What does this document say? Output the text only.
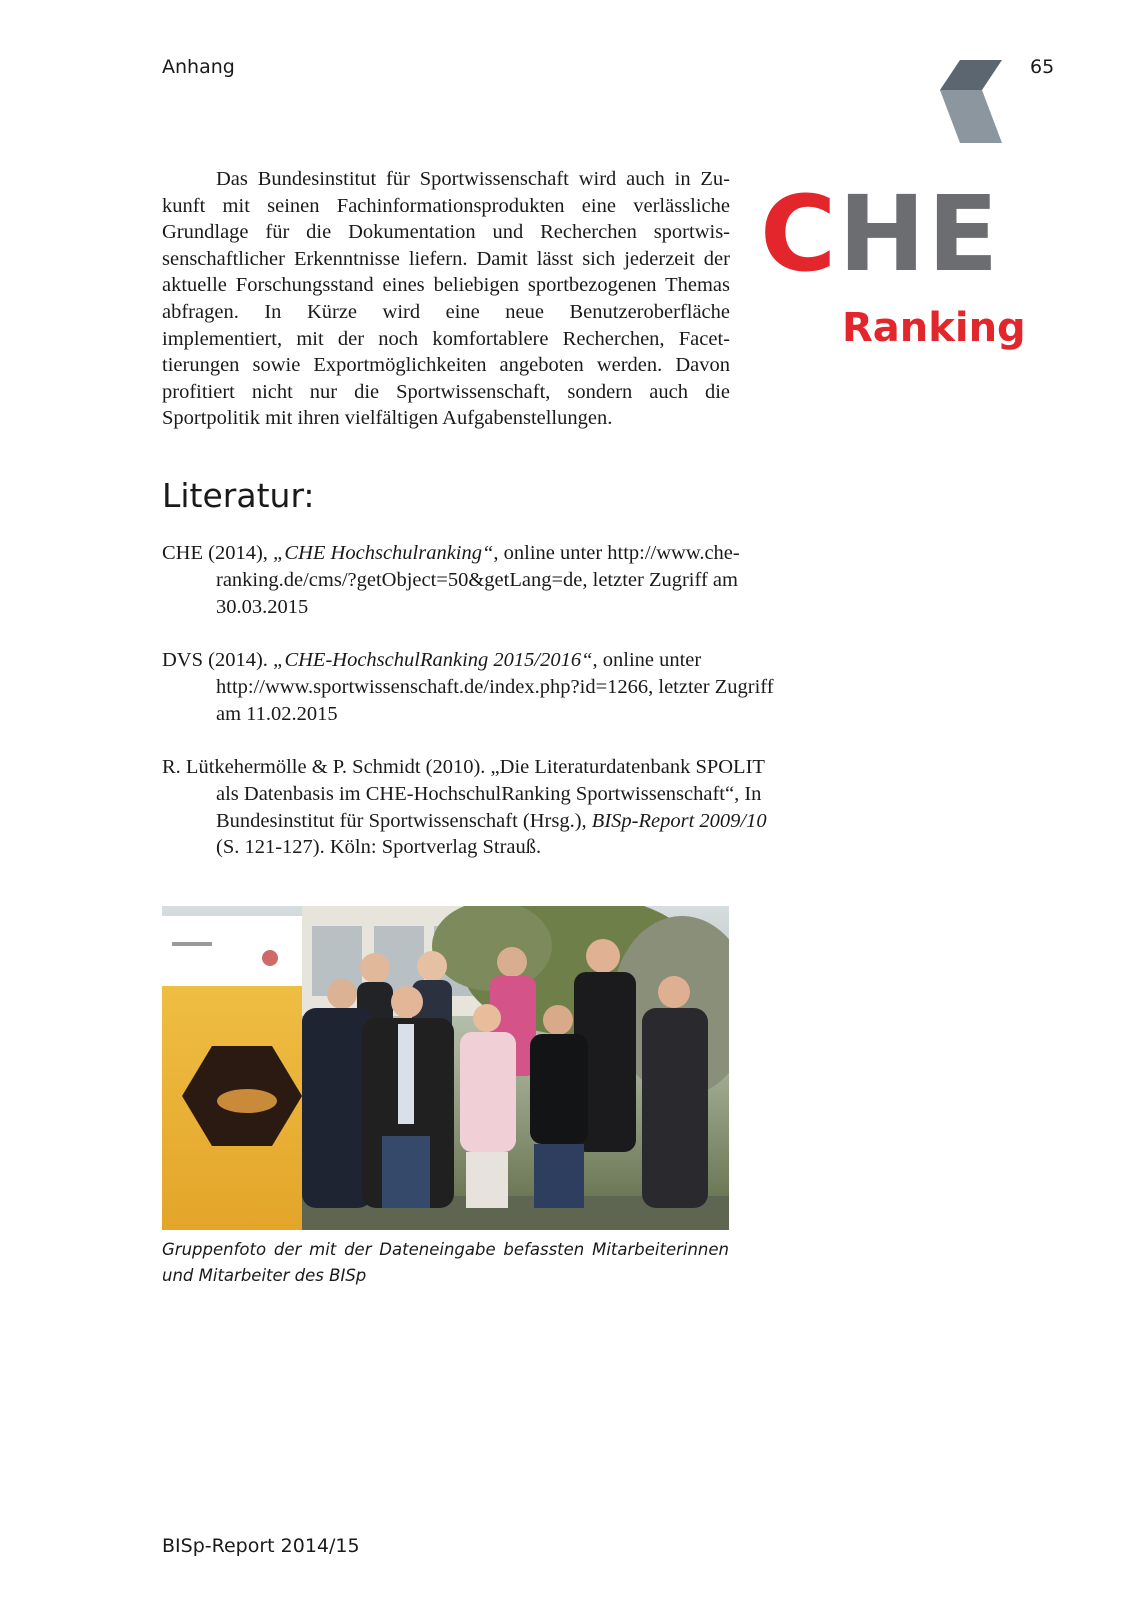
Anhang	65
CHE
Ranking

Das Bundesinstitut für Sportwissenschaft wird auch in Zukunft mit seinen Fachinformationsprodukten eine verlässliche Grundlage für die Dokumentation und Recherchen sportwissenschaftlicher Erkenntnisse liefern. Damit lässt sich jederzeit der aktuelle Forschungsstand eines beliebigen sportbezogenen Themas abfragen. In Kürze wird eine neue Benutzeroberfläche implementiert, mit der noch komfortablere Recherchen, Facettierungen sowie Exportmöglichkeiten angeboten werden. Davon profitiert nicht nur die Sportwissenschaft, sondern auch die Sportpolitik mit ihren vielfältigen Aufgabenstellungen.

Literatur:

CHE (2014), „CHE Hochschulranking“, online unter http://www.che-ranking.de/cms/?getObject=50&getLang=de, letzter Zugriff am 30.03.2015

DVS (2014). „CHE-HochschulRanking 2015/2016“, online unter http://www.sportwissenschaft.de/index.php?id=1266, letzter Zugriff am 11.02.2015

R. Lütkehermölle & P. Schmidt (2010). „Die Literaturdatenbank SPOLIT als Datenbasis im CHE-HochschulRanking Sportwissenschaft“, In Bundesinstitut für Sportwissenschaft (Hrsg.), BISp-Report 2009/10 (S. 121-127). Köln: Sportverlag Strauß.

Gruppenfoto der mit der Dateneingabe befassten Mitarbeiterinnen und Mitarbeiter des BISp

BISp-Report 2014/15
